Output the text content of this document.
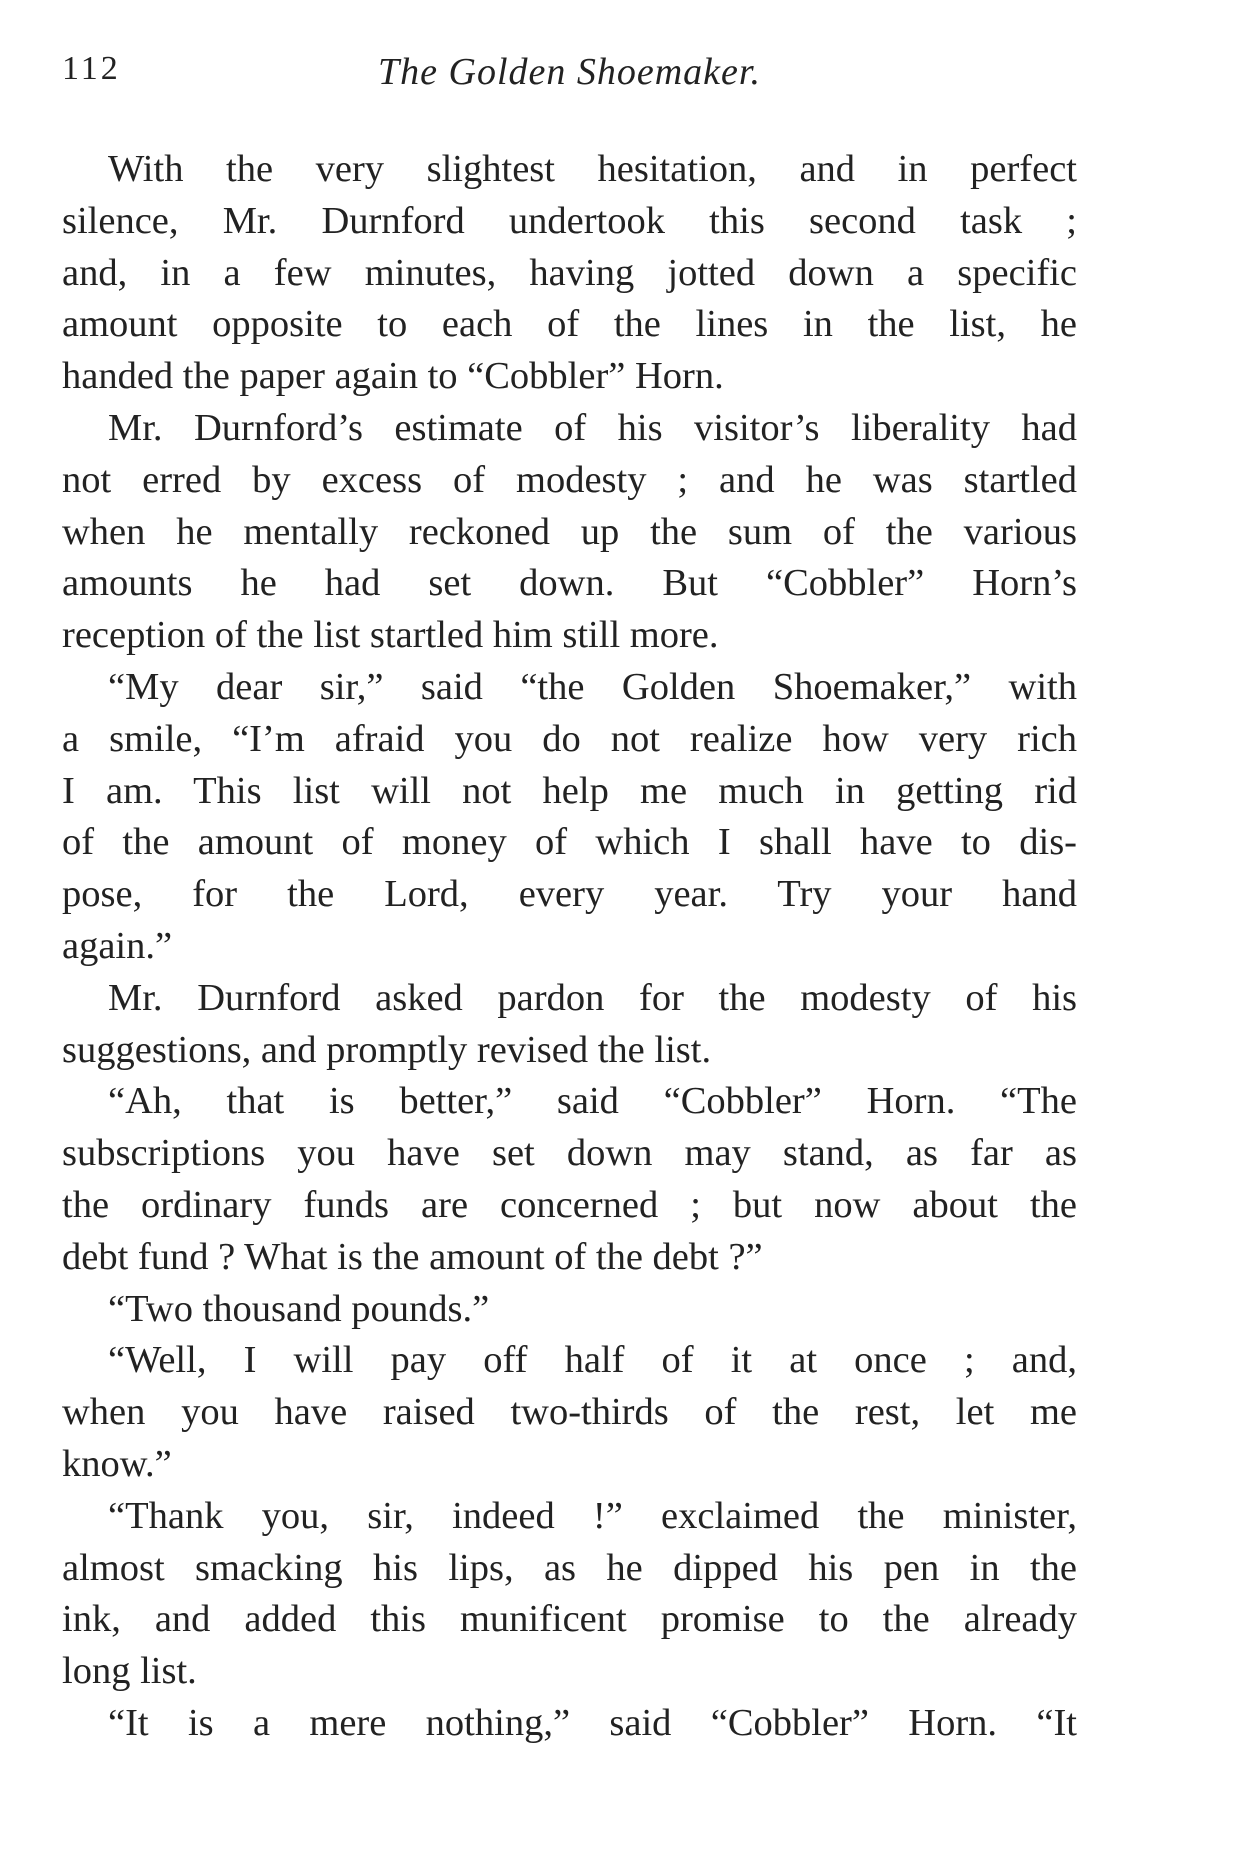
112	The Golden Shoemaker.
With the very slightest hesitation, and in perfect
silence, Mr. Durnford undertook this second task ;
and, in a few minutes, having jotted down a specific
amount opposite to each of the lines in the list, he
handed the paper again to “Cobbler” Horn.
Mr. Durnford’s estimate of his visitor’s liberality had
not erred by excess of modesty ; and he was startled
when he mentally reckoned up the sum of the various
amounts he had set down. But “Cobbler” Horn’s
reception of the list startled him still more.
“My dear sir,” said “the Golden Shoemaker,” with
a smile, “I’m afraid you do not realize how very rich
I am. This list will not help me much in getting rid
of the amount of money of which I shall have to dis-
pose, for the Lord, every year. Try your hand
again.”
Mr. Durnford asked pardon for the modesty of his
suggestions, and promptly revised the list.
“Ah, that is better,” said “Cobbler” Horn. “The
subscriptions you have set down may stand, as far as
the ordinary funds are concerned ; but now about the
debt fund ? What is the amount of the debt ?”
“Two thousand pounds.”
“Well, I will pay off half of it at once ; and,
when you have raised two-thirds of the rest, let me
know.”
“Thank you, sir, indeed !” exclaimed the minister,
almost smacking his lips, as he dipped his pen in the
ink, and added this munificent promise to the already
long list.
“It is a mere nothing,” said “Cobbler” Horn. “It
